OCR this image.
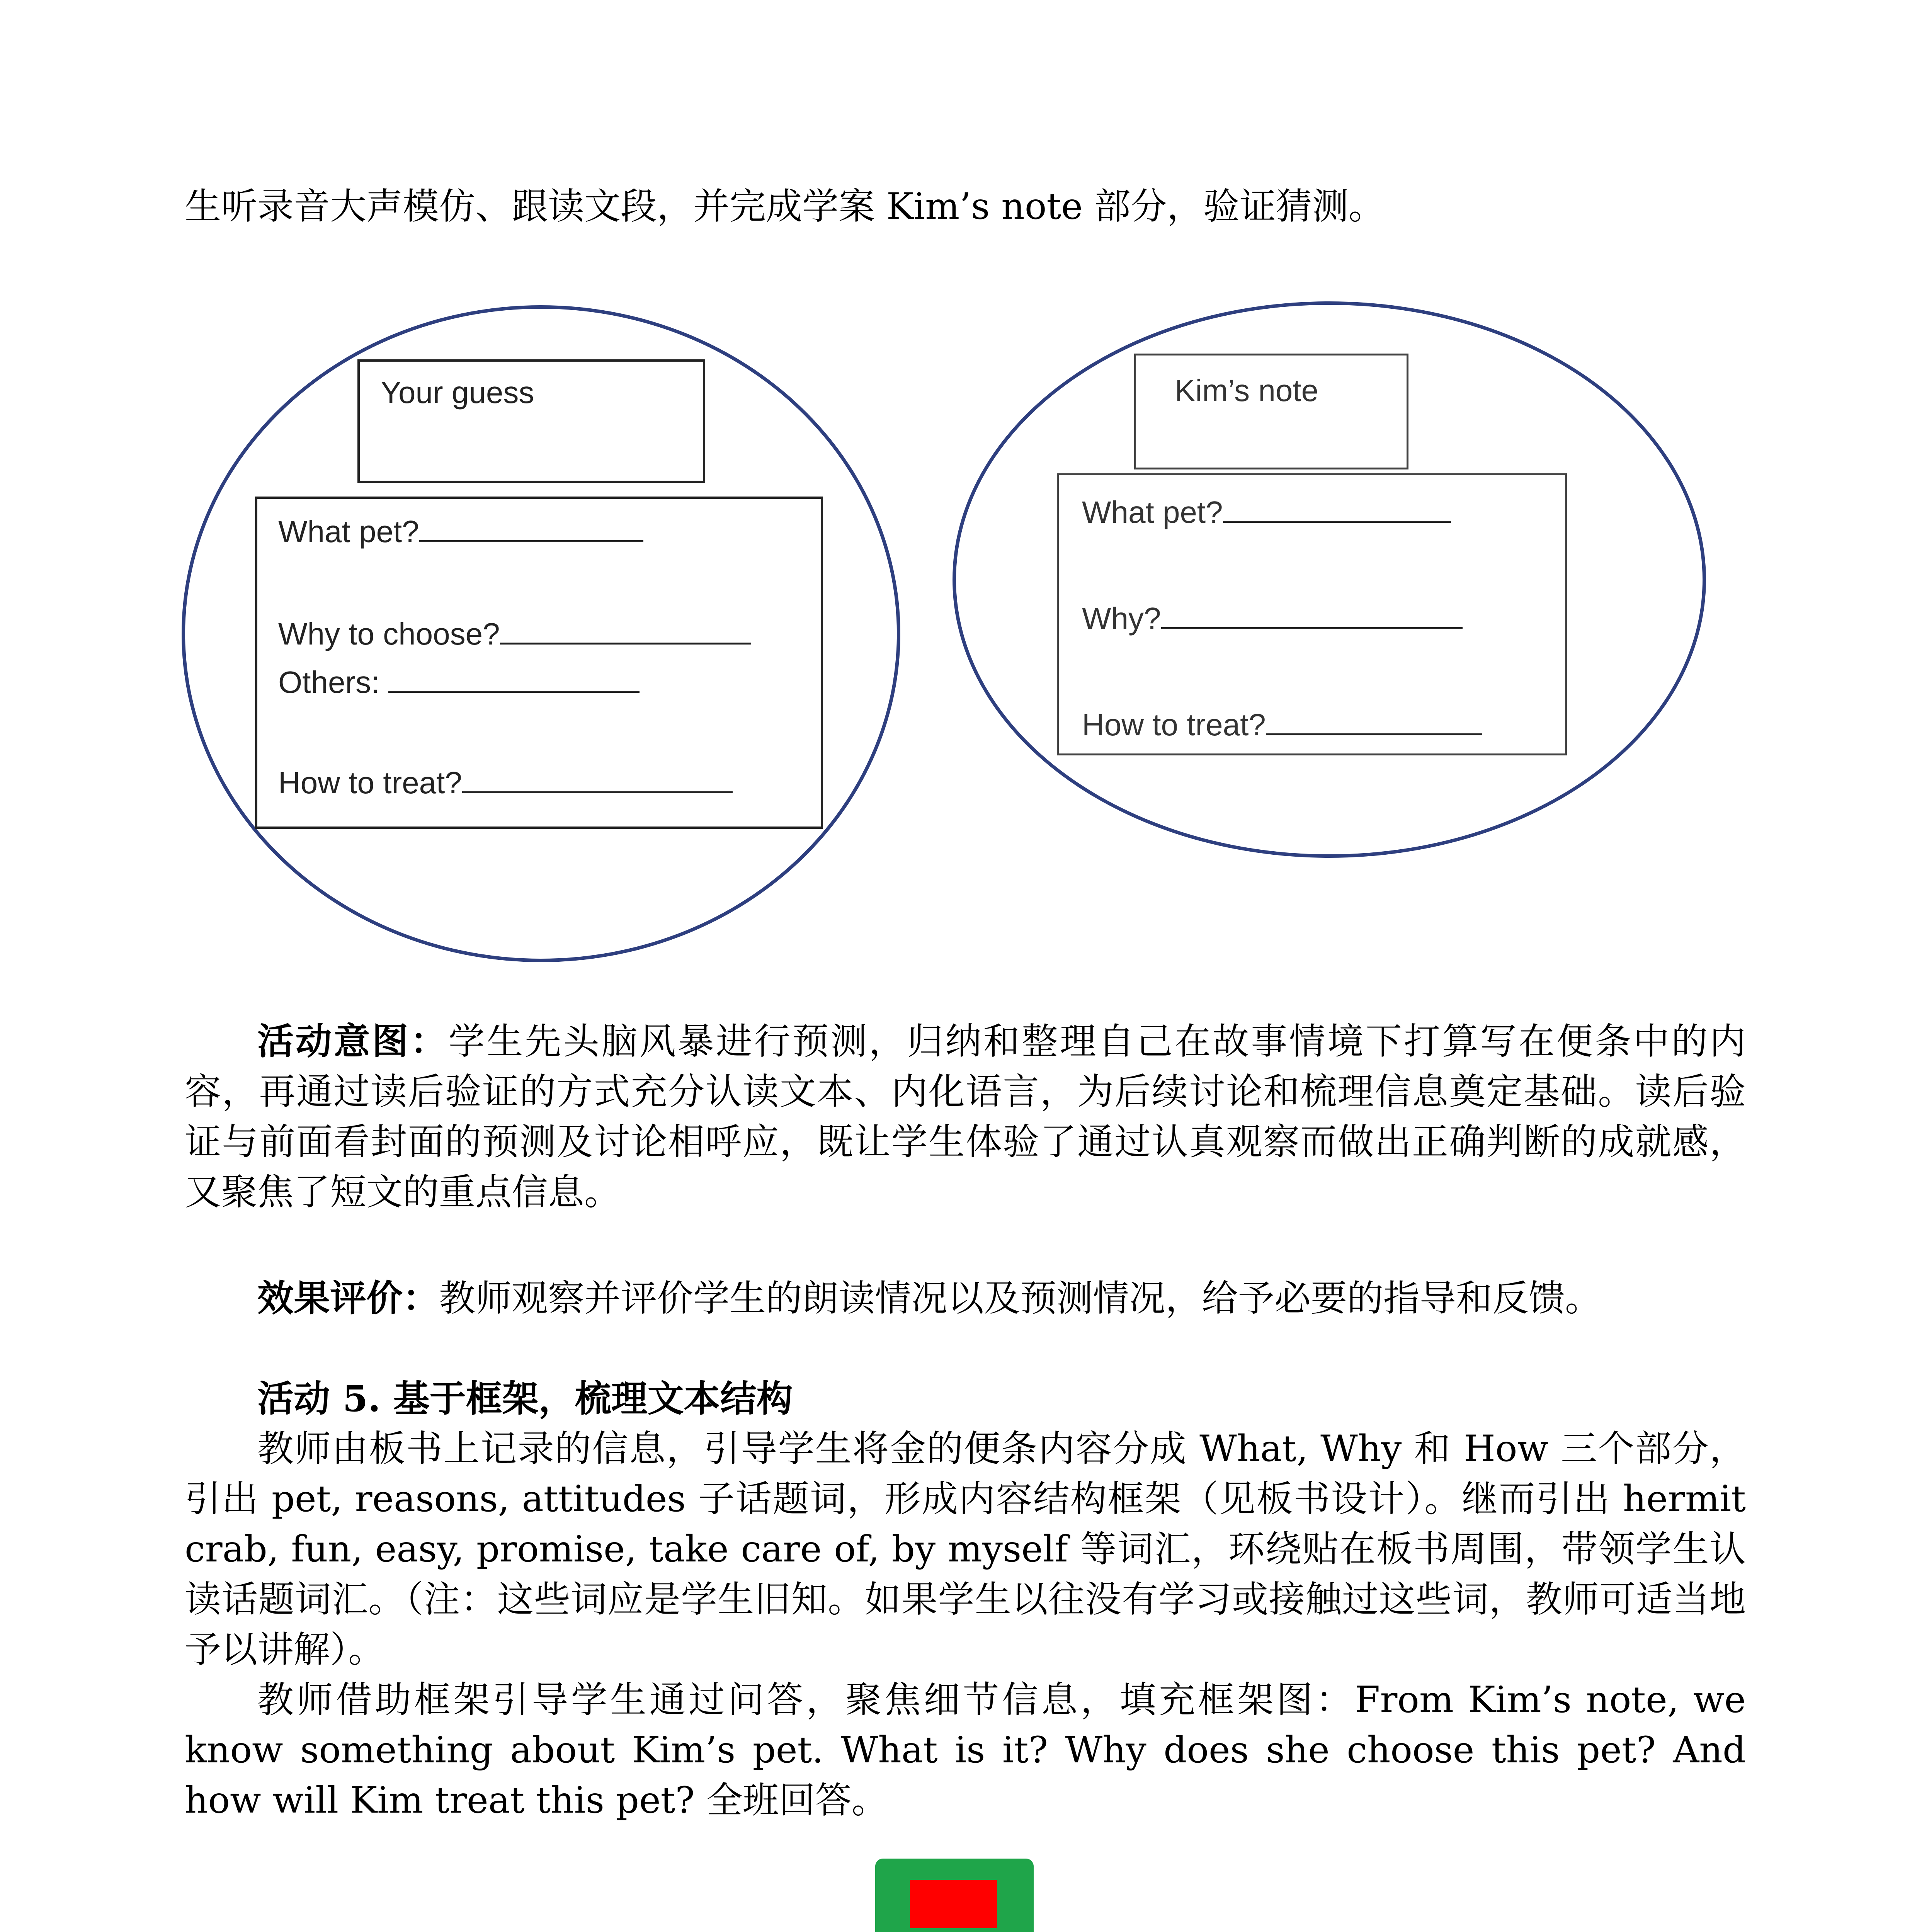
生听录音大声模仿、跟读文段，并完成学案 Kim’s note 部分，验证猜测。
Your guess
What pet?
Why to choose?
Others:
How to treat?
Kim’s note
What pet?
Why?
How to treat?
活动意图：学生先头脑风暴进行预测，归纳和整理自己在故事情境下打算写在便条中的内容，再通过读后验证的方式充分认读文本、内化语言，为后续讨论和梳理信息奠定基础。读后验证与前面看封面的预测及讨论相呼应，既让学生体验了通过认真观察而做出正确判断的成就感，又聚焦了短文的重点信息。
效果评价：教师观察并评价学生的朗读情况以及预测情况，给予必要的指导和反馈。
活动 5. 基于框架，梳理文本结构
教师由板书上记录的信息，引导学生将金的便条内容分成 What, Why 和 How 三个部分，引出 pet, reasons, attitudes 子话题词，形成内容结构框架（见板书设计）。继而引出 hermit crab, fun, easy, promise, take care of, by myself 等词汇，环绕贴在板书周围，带领学生认读话题词汇。（注：这些词应是学生旧知。如果学生以往没有学习或接触过这些词，教师可适当地予以讲解）。
教师借助框架引导学生通过问答，聚焦细节信息，填充框架图：From Kim’s note, we know something about Kim’s pet. What is it? Why does she choose this pet? And how will Kim treat this pet? 全班回答。
